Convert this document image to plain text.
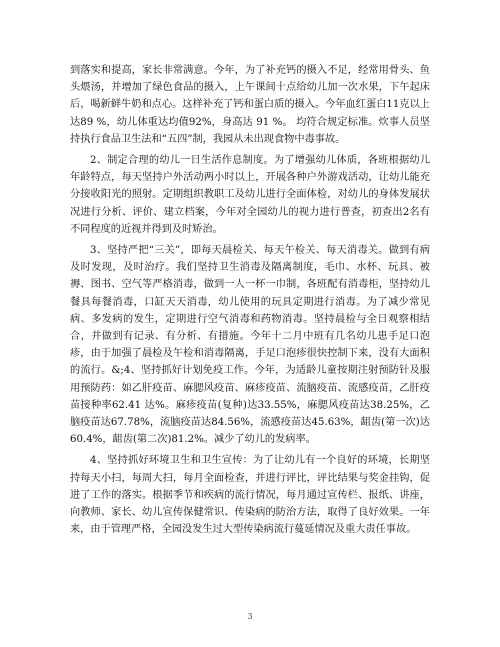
到落实和提高，家长非常满意。今年，为了补充钙的摄入不足，经常用骨头、鱼头煨汤，并增加了绿色食品的摄入，上午课间十点给幼儿加一次水果，下午起床后，喝新鲜牛奶和点心。这样补充了钙和蛋白质的摄入。今年血红蛋白11克以上达89 %，幼儿体重达均值92%，身高达 91 %。 均符合规定标准。炊事人员坚持执行食品卫生法和“五四”制，我园从未出现食物中毒事故。

2、制定合理的幼儿一日生活作息制度。为了增强幼儿体质，各班根据幼儿年龄特点，每天坚持户外活动两小时以上，开展各种户外游戏活动，让幼儿能充分接收阳光的照射。定期组织教职工及幼儿进行全面体检，对幼儿的身体发展状况进行分析、评价、建立档案，今年对全园幼儿的视力进行普查，初查出2名有不同程度的近视并得到及时矫治。

3、坚持严把“三关”，即每天晨检关、每天午检关、每天消毒关。做到有病及时发现，及时治疗。我们坚持卫生消毒及隔离制度，毛巾、水杯、玩具、被褥、图书、空气等严格消毒，做到一人一杯一巾制，各班配有消毒柜，坚持幼儿餐具每餐消毒，口缸天天消毒，幼儿使用的玩具定期进行消毒。为了减少常见病、多发病的发生，定期进行空气消毒和药物消毒。坚持晨检与全日观察相结合，并做到有记录、有分析、有措施。今年十二月中班有几名幼儿患手足口泡疹，由于加强了晨检及午检和消毒隔离，手足口泡疹很快控制下来，没有大面积的流行。&;4、坚持抓好计划免疫工作。今年，为适龄儿童按期注射预防针及服用预防药：如乙肝疫苗、麻腮风疫苗、麻疹疫苗、流脑疫苗、流感疫苗，乙肝疫苗接种率62.41 达%。麻疹疫苗(复种)达33.55%，麻腮风疫苗达38.25%，乙脑疫苗达67.78%，流脑疫苗达84.56%，流感疫苗达45.63%，龃齿(第一次)达60.4%，龃齿(第二次)81.2%。减少了幼儿的发病率。

4、坚持抓好环境卫生和卫生宣传：为了让幼儿有一个良好的环境，长期坚持每天小扫，每周大扫，每月全面检查，并进行评比，评比结果与奖金挂钩，促进了工作的落实。根据季节和疾病的流行情况，每月通过宣传栏、报纸、讲座，向教师、家长、幼儿宣传保健常识、传染病的防治方法，取得了良好效果。一年来，由于管理严格，全园没发生过大型传染病流行蔓延情况及重大责任事故。

3
